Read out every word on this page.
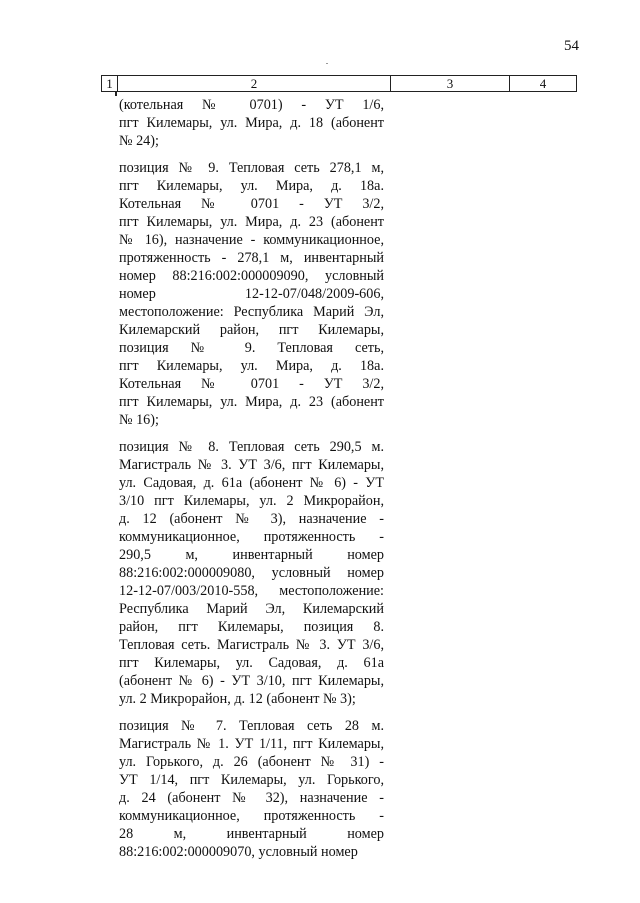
54
1	2	3	4
(котельная № 0701) - УТ 1/6,
пгт Килемары, ул. Мира, д. 18 (абонент
№ 24);
позиция № 9. Тепловая сеть 278,1 м,
пгт Килемары, ул. Мира, д. 18а.
Котельная № 0701 - УТ 3/2,
пгт Килемары, ул. Мира, д. 23 (абонент
№ 16), назначение - коммуникационное,
протяженность - 278,1 м, инвентарный
номер 88:216:002:000009090, условный
номер 12-12-07/048/2009-606,
местоположение: Республика Марий Эл,
Килемарский район, пгт Килемары,
позиция № 9. Тепловая сеть,
пгт Килемары, ул. Мира, д. 18а.
Котельная № 0701 - УТ 3/2,
пгт Килемары, ул. Мира, д. 23 (абонент
№ 16);
позиция № 8. Тепловая сеть 290,5 м.
Магистраль № 3. УТ 3/6, пгт Килемары,
ул. Садовая, д. 61а (абонент № 6) - УТ
3/10 пгт Килемары, ул. 2 Микрорайон,
д. 12 (абонент № 3), назначение -
коммуникационное, протяженность -
290,5 м, инвентарный номер
88:216:002:000009080, условный номер
12-12-07/003/2010-558, местоположение:
Республика Марий Эл, Килемарский
район, пгт Килемары, позиция 8.
Тепловая сеть. Магистраль № 3. УТ 3/6,
пгт Килемары, ул. Садовая, д. 61а
(абонент № 6) - УТ 3/10, пгт Килемары,
ул. 2 Микрорайон, д. 12 (абонент № 3);
позиция № 7. Тепловая сеть 28 м.
Магистраль № 1. УТ 1/11, пгт Килемары,
ул. Горького, д. 26 (абонент № 31) -
УТ 1/14, пгт Килемары, ул. Горького,
д. 24 (абонент № 32), назначение -
коммуникационное, протяженность -
28 м, инвентарный номер
88:216:002:000009070, условный номер
